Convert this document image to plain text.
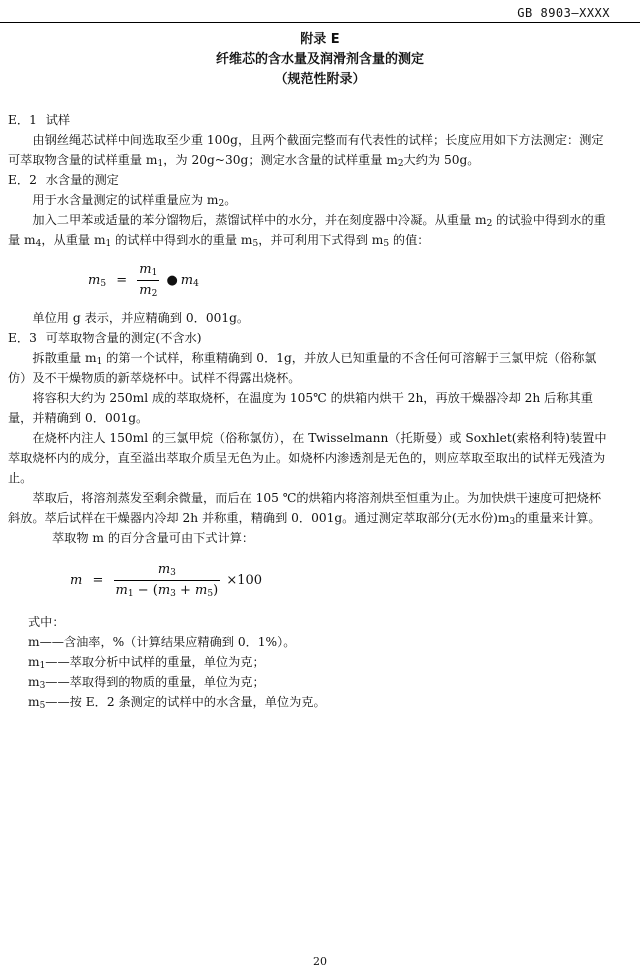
GB 8903—XXXX
附录 E
纤维芯的含水量及润滑剂含量的测定
（规范性附录）

E．1 试样

由钢丝绳芯试样中间选取至少重 100g，且两个截面完整而有代表性的试样；长度应用如下方法测定：测定可萃取物含量的试样重量 $m_1$，为 20g~30g；测定水含量的试样重量 $m_2$大约为 50g。

E．2 水含量的测定

用于水含量测定的试样重量应为 $m_2$。

加入二甲苯或适量的苯分馏物后，蒸馏试样中的水分，并在刻度器中冷凝。从重量 $m_2$ 的试验中得到水的重量 $m_4$，从重量 $m_1$ 的试样中得到水的重量 $m_5$，并可利用下式得到 $m_5$ 的值：

$m_5 = \frac{m_1}{m_2}$ ● $m_4$

单位用 g 表示，并应精确到 0．001g。

E．3 可萃取物含量的测定(不含水)

拆散重量 $m_1$ 的第一个试样，称重精确到 0．1g，并放人已知重量的不含任何可溶解于三氯甲烷（俗称氯仿）及不干燥物质的新萃烧杯中。试样不得露出烧杯。

将容积大约为 250ml 成的萃取烧杯，在温度为 105℃ 的烘箱内烘干 2h，再放干燥器冷却 2h 后称其重量，并精确到 0．001g。

在烧杯内注人 150ml 的三氯甲烷（俗称氯仿），在 Twisselmann（托斯曼）或 Soxhlet(索格利特)装置中萃取烧杯内的成分，直至溢出萃取介质呈无色为止。如烧杯内渗透剂是无色的，则应萃取至取出的试样无残渣为止。

萃取后，将溶剂蒸发至剩余微量，而后在 105 ℃的烘箱内将溶剂烘至恒重为止。为加快烘干速度可把烧杯斜放。萃后试样在干燥器内冷却 2h 并称重，精确到 0．001g。通过测定萃取部分(无水份)$m_3$的重量来计算。

萃取物 m 的百分含量可由下式计算：

$m = \frac{m_3}{m_1 - (m_3 + m_5)} \times 100$

式中：

m——含油率，%（计算结果应精确到 0．1%）。

$m_1——$萃取分析中试样的重量，单位为克；

$m_3——$萃取得到的物质的重量，单位为克；

$m_5——$按 E．2 条测定的试样中的水含量，单位为克。

20
